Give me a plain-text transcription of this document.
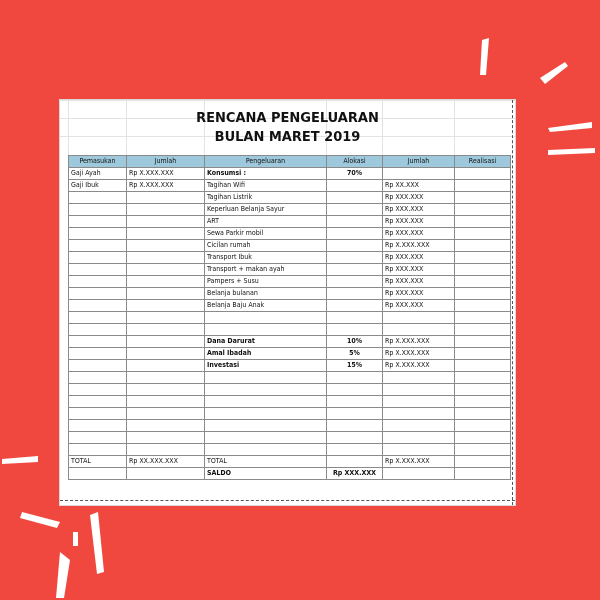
RENCANA PENGELUARAN
BULAN MARET 2019
Pemasukan	Jumlah	Pengeluaran	Alokasi	Jumlah	Realisasi
Gaji Ayah	Rp X.XXX.XXX	Konsumsi :	70%		
Gaji Ibuk	Rp X.XXX.XXX	Tagihan Wifi		Rp XX.XXX	
		Tagihan Listrik		Rp XXX.XXX	
		Keperluan Belanja Sayur		Rp XXX.XXX	
		ART		Rp XXX.XXX	
		Sewa Parkir mobil		Rp XXX.XXX	
		Cicilan rumah		Rp X.XXX.XXX	
		Transport Ibuk		Rp XXX.XXX	
		Transport + makan ayah		Rp XXX.XXX	
		Pampers + Susu		Rp XXX.XXX	
		Belanja bulanan		Rp XXX.XXX	
		Belanja Baju Anak		Rp XXX.XXX	

		Dana Darurat	10%	Rp X.XXX.XXX	
		Amal Ibadah	5%	Rp X.XXX.XXX	
		Investasi	15%	Rp X.XXX.XXX	

TOTAL	Rp XX.XXX.XXX	TOTAL		Rp X.XXX.XXX	
		SALDO	Rp XXX.XXX		
